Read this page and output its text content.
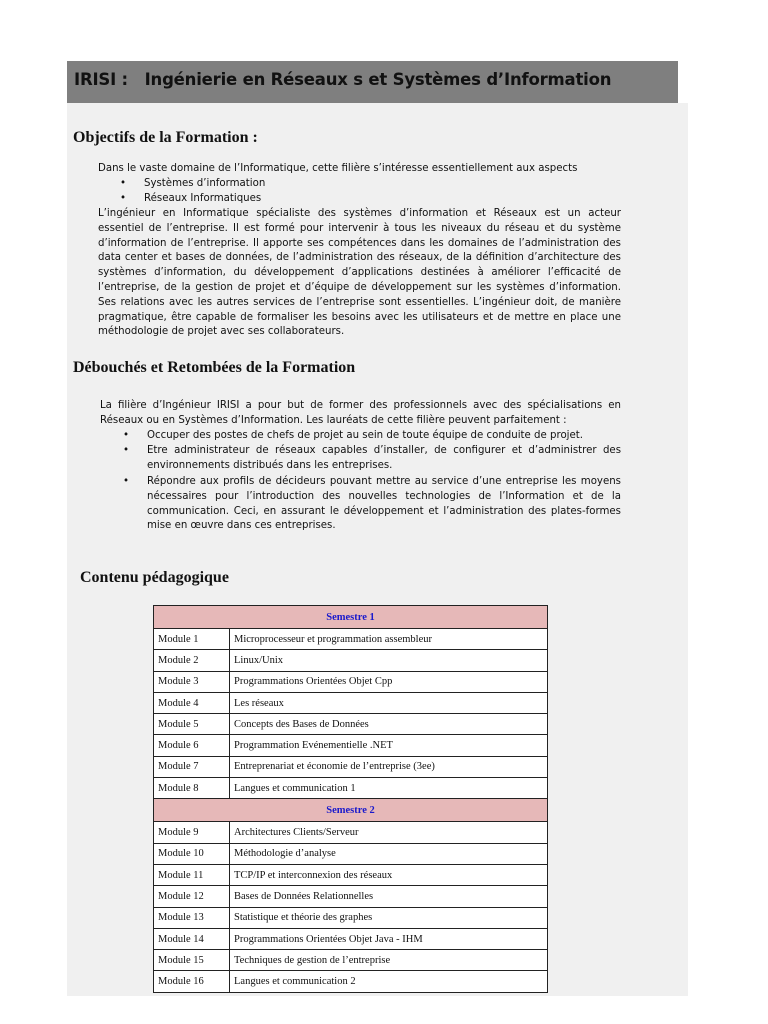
IRISI :   Ingénierie en Réseaux s et Systèmes d’Information
Objectifs de la Formation :
Dans le vaste domaine de l’Informatique, cette filière s’intéresse essentiellement aux aspects
• Systèmes d’information
• Réseaux Informatiques
L’ingénieur en Informatique spécialiste des systèmes d’information et Réseaux est un acteur essentiel de l’entreprise. Il est formé pour intervenir à tous les niveaux du réseau et du système d’information de l’entreprise. Il apporte ses compétences dans les domaines de l’administration des data center et bases de données, de l’administration des réseaux, de la définition d’architecture des systèmes d’information, du développement d’applications destinées à améliorer l’efficacité de l’entreprise, de la gestion de projet et d’équipe de développement sur les systèmes d’information. Ses relations avec les autres services de l’entreprise sont essentielles. L’ingénieur doit, de manière pragmatique, être capable de formaliser les besoins avec les utilisateurs et de mettre en place une méthodologie de projet avec ses collaborateurs.
Débouchés et Retombées de la Formation
La filière d’Ingénieur IRISI a pour but de former des professionnels avec des spécialisations en Réseaux ou en Systèmes d’Information. Les lauréats de cette filière peuvent parfaitement :
• Occuper des postes de chefs de projet au sein de toute équipe de conduite de projet.
• Etre administrateur de réseaux capables d’installer, de configurer et d’administrer des environnements distribués dans les entreprises.
• Répondre aux profils de décideurs pouvant mettre au service d’une entreprise les moyens nécessaires pour l’introduction des nouvelles technologies de l’Information et de la communication. Ceci, en assurant le développement et l’administration des plates-formes mise en œuvre dans ces entreprises.
Contenu pédagogique
Semestre 1	
Module 1	Microprocesseur et programmation assembleur
Module 2	Linux/Unix
Module 3	Programmations Orientées Objet Cpp
Module 4	Les réseaux
Module 5	Concepts des Bases de Données
Module 6	Programmation Evénementielle .NET
Module 7	Entreprenariat et économie de l’entreprise (3ee)
Module 8	Langues et communication 1
Semestre 2	
Module 9	Architectures Clients/Serveur
Module 10	Méthodologie d’analyse
Module 11	TCP/IP et interconnexion des réseaux
Module 12	Bases de Données Relationnelles
Module 13	Statistique et théorie des graphes
Module 14	Programmations Orientées Objet Java - IHM
Module 15	Techniques de gestion de l’entreprise
Module 16	Langues et communication 2
